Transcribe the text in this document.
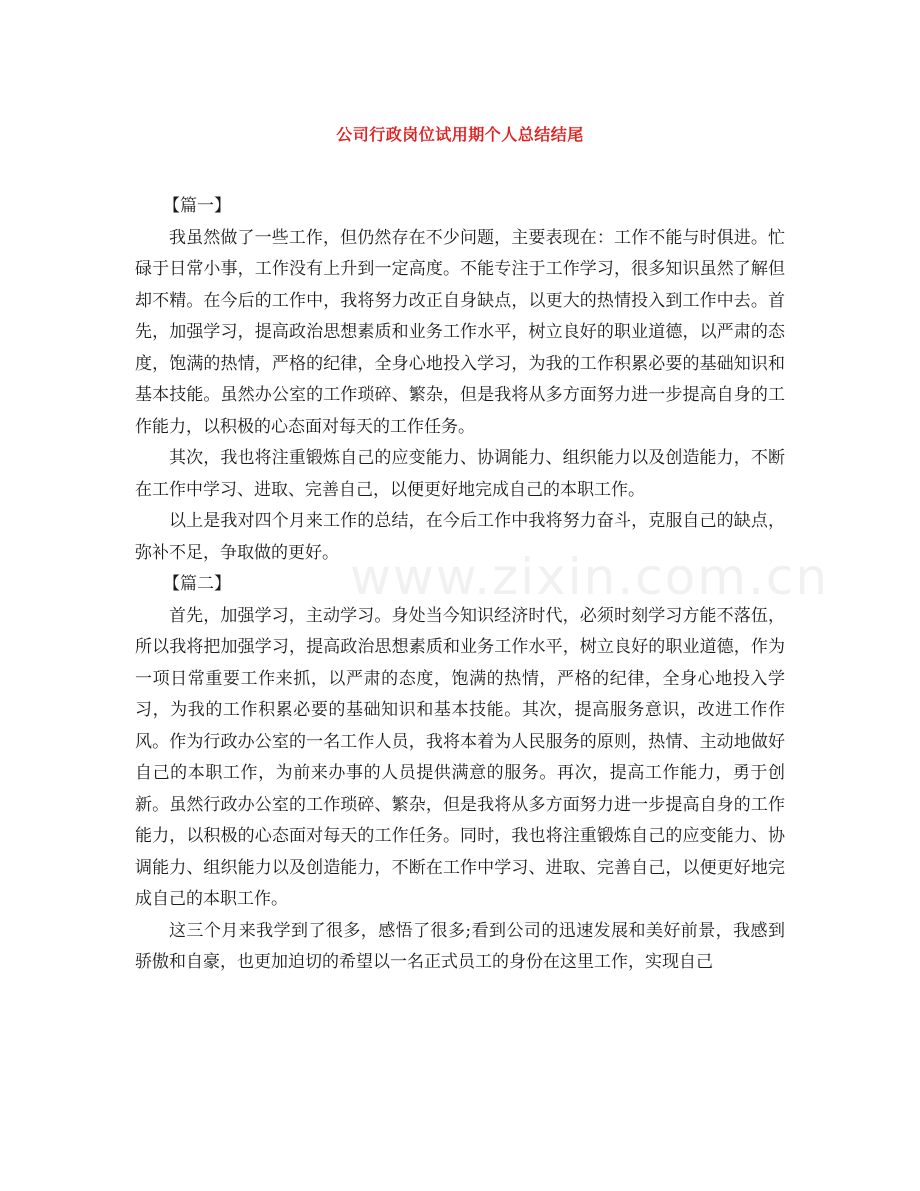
公司行政岗位试用期个人总结结尾

【篇一】

我虽然做了一些工作，但仍然存在不少问题，主要表现在：工作不能与时俱进。忙碌于日常小事，工作没有上升到一定高度。不能专注于工作学习，很多知识虽然了解但却不精。在今后的工作中，我将努力改正自身缺点，以更大的热情投入到工作中去。首先，加强学习，提高政治思想素质和业务工作水平，树立良好的职业道德，以严肃的态度，饱满的热情，严格的纪律，全身心地投入学习，为我的工作积累必要的基础知识和基本技能。虽然办公室的工作琐碎、繁杂，但是我将从多方面努力进一步提高自身的工作能力，以积极的心态面对每天的工作任务。

其次，我也将注重锻炼自己的应变能力、协调能力、组织能力以及创造能力，不断在工作中学习、进取、完善自己，以便更好地完成自己的本职工作。

以上是我对四个月来工作的总结，在今后工作中我将努力奋斗，克服自己的缺点，弥补不足，争取做的更好。

【篇二】

首先，加强学习，主动学习。身处当今知识经济时代，必须时刻学习方能不落伍，所以我将把加强学习，提高政治思想素质和业务工作水平，树立良好的职业道德，作为一项日常重要工作来抓，以严肃的态度，饱满的热情，严格的纪律，全身心地投入学习，为我的工作积累必要的基础知识和基本技能。其次，提高服务意识，改进工作作风。作为行政办公室的一名工作人员，我将本着为人民服务的原则，热情、主动地做好自己的本职工作，为前来办事的人员提供满意的服务。再次，提高工作能力，勇于创新。虽然行政办公室的工作琐碎、繁杂，但是我将从多方面努力进一步提高自身的工作能力，以积极的心态面对每天的工作任务。同时，我也将注重锻炼自己的应变能力、协调能力、组织能力以及创造能力，不断在工作中学习、进取、完善自己，以便更好地完成自己的本职工作。

这三个月来我学到了很多，感悟了很多;看到公司的迅速发展和美好前景，我感到骄傲和自豪，也更加迫切的希望以一名正式员工的身份在这里工作，实现自己

www.zixin.com.cn
